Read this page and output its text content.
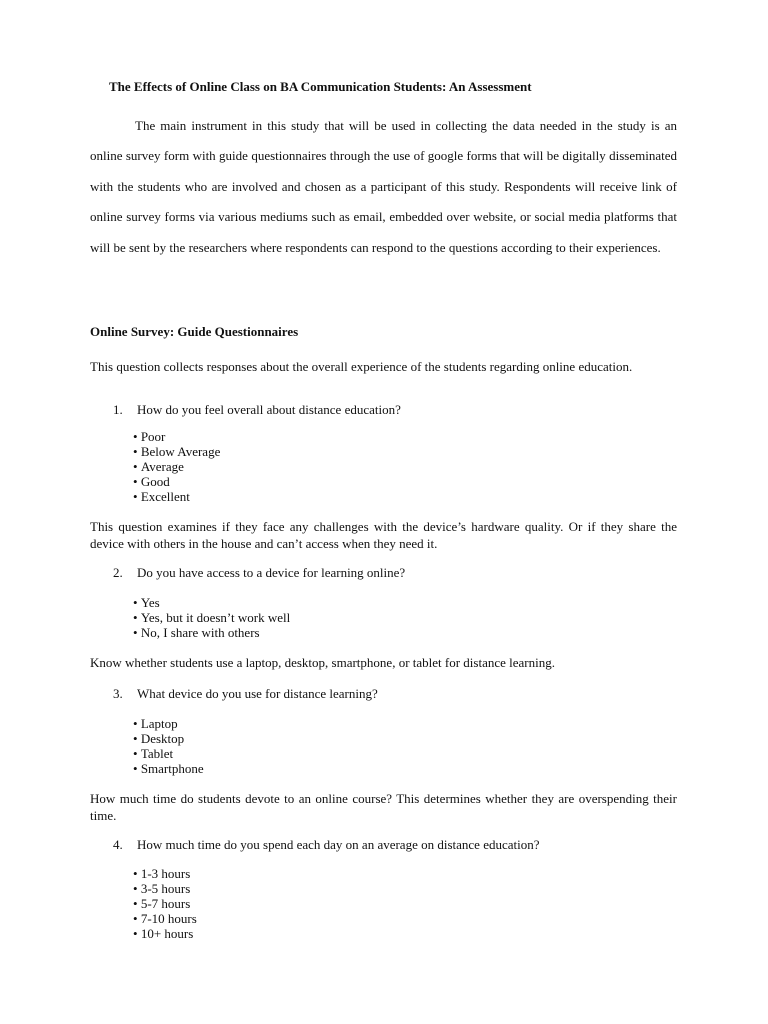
The Effects of Online Class on BA Communication Students: An Assessment

The main instrument in this study that will be used in collecting the data needed in the study is an online survey form with guide questionnaires through the use of google forms that will be digitally disseminated with the students who are involved and chosen as a participant of this study. Respondents will receive link of online survey forms via various mediums such as email, embedded over website, or social media platforms that will be sent by the researchers where respondents can respond to the questions according to their experiences.

Online Survey: Guide Questionnaires

This question collects responses about the overall experience of the students regarding online education.

1. How do you feel overall about distance education?

• Poor
• Below Average
• Average
• Good
• Excellent

This question examines if they face any challenges with the device’s hardware quality. Or if they share the device with others in the house and can’t access when they need it.

2. Do you have access to a device for learning online?

• Yes
• Yes, but it doesn’t work well
• No, I share with others

Know whether students use a laptop, desktop, smartphone, or tablet for distance learning.

3. What device do you use for distance learning?

• Laptop
• Desktop
• Tablet
• Smartphone

How much time do students devote to an online course? This determines whether they are overspending their time.

4. How much time do you spend each day on an average on distance education?

• 1-3 hours
• 3-5 hours
• 5-7 hours
• 7-10 hours
• 10+ hours
